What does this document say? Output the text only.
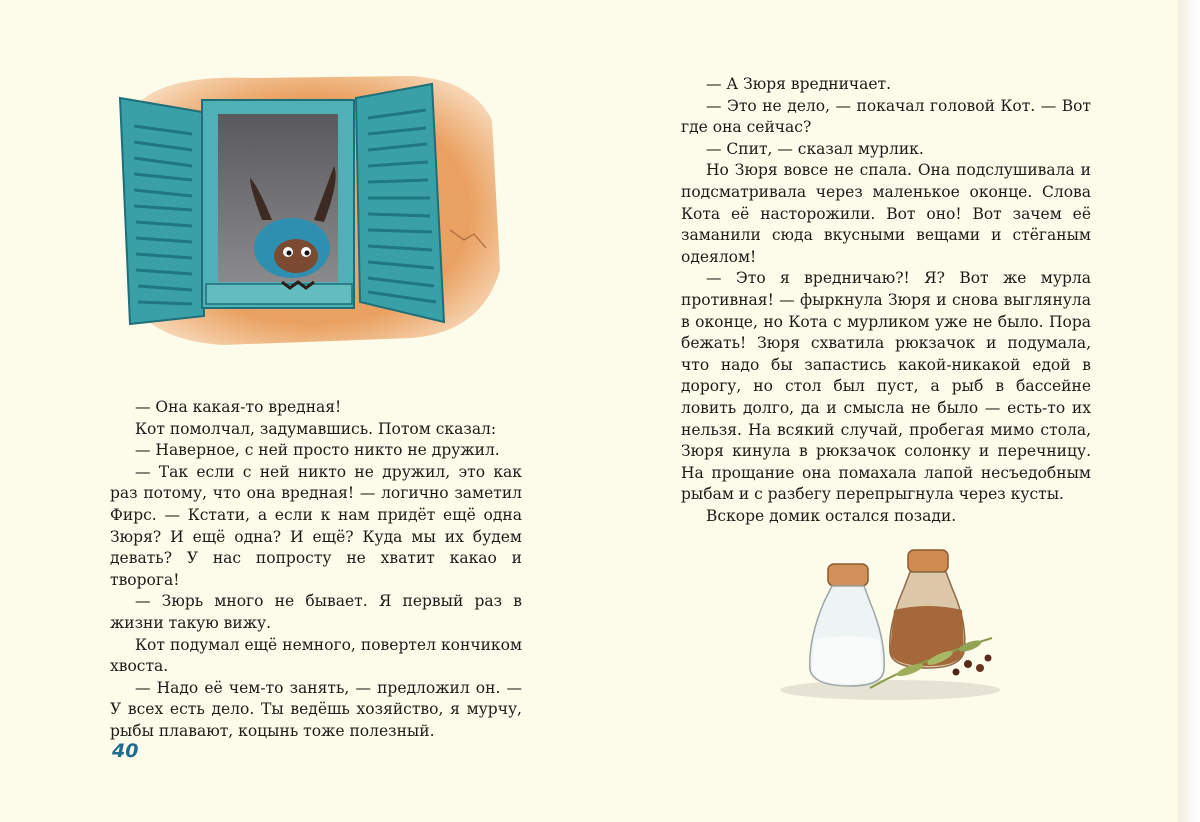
— Она какая-то вредная!

Кот помолчал, задумавшись. Потом сказал:

— Наверное, с ней просто никто не дружил.

— Так если с ней никто не дружил, это как раз потому, что она вредная! — логично заметил Фирс. — Кстати, а если к нам придёт ещё одна Зюря? И ещё одна? И ещё? Куда мы их будем девать? У нас попросту не хватит какао и творога!

— Зюрь много не бывает. Я первый раз в жизни такую вижу.

Кот подумал ещё немного, повертел кончиком хвоста.

— Надо её чем-то занять, — предложил он. — У всех есть дело. Ты ведёшь хозяйство, я мурчу, рыбы плавают, коцынь тоже полезный.

— А Зюря вредничает.

— Это не дело, — покачал головой Кот. — Вот где она сейчас?

— Спит, — сказал мурлик.

Но Зюря вовсе не спала. Она подслушивала и подсматривала через маленькое оконце. Слова Кота её насторожили. Вот оно! Вот зачем её заманили сюда вкусными вещами и стёганым одеялом!

— Это я вредничаю?! Я? Вот же мурла противная! — фыркнула Зюря и снова выглянула в оконце, но Кота с мурликом уже не было. Пора бежать! Зюря схватила рюкзачок и подумала, что надо бы запастись какой-никакой едой в дорогу, но стол был пуст, а рыб в бассейне ловить долго, да и смысла не было — есть-то их нельзя. На всякий случай, пробегая мимо стола, Зюря кинула в рюкзачок солонку и перечницу. На прощание она помахала лапой несъедобным рыбам и с разбегу перепрыгнула через кусты.

Вскоре домик остался позади.

40
